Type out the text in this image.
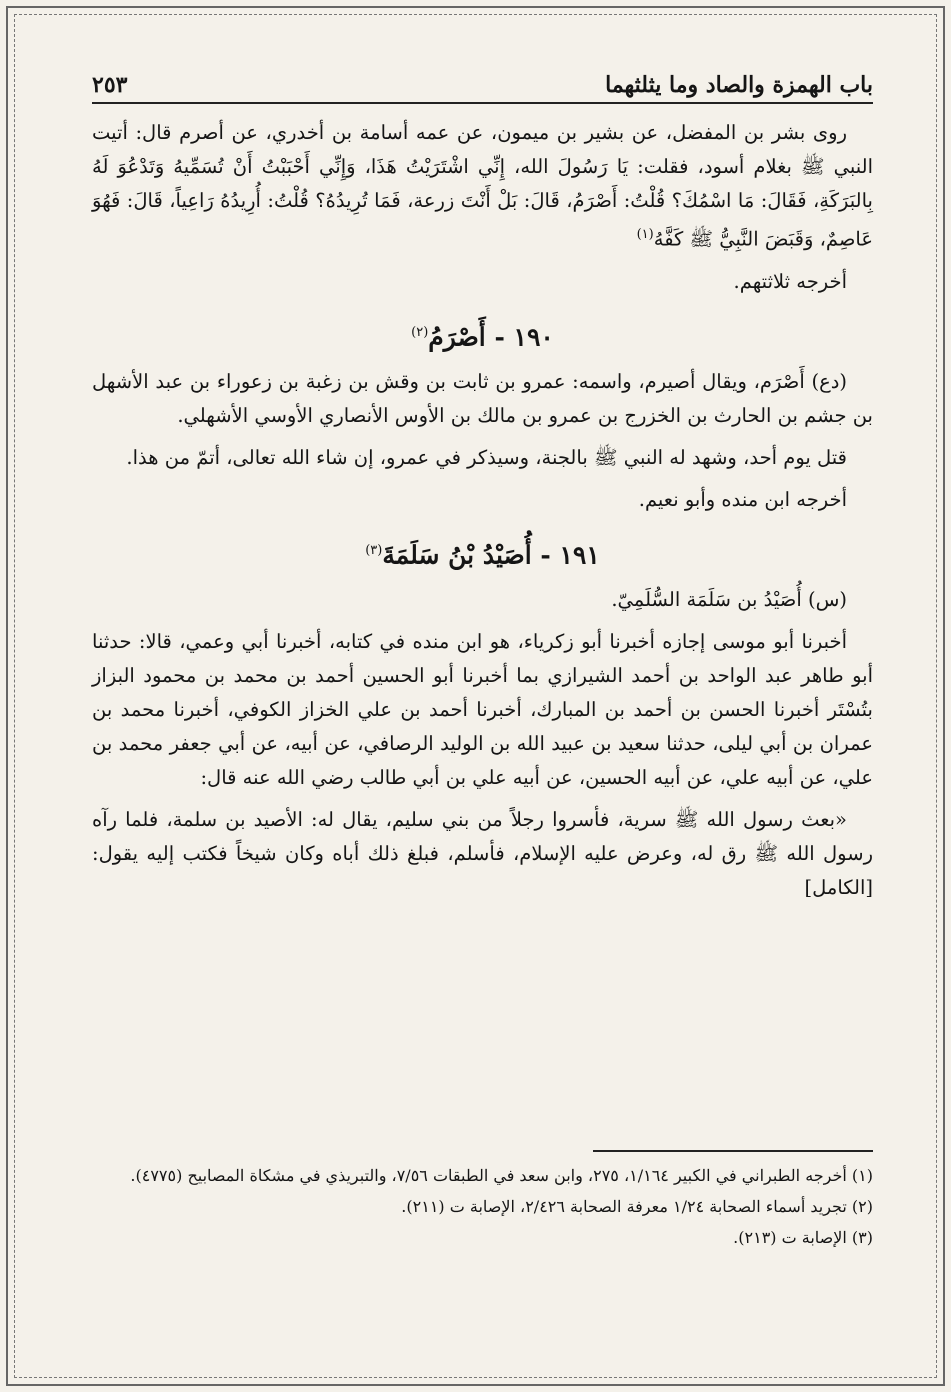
باب الهمزة والصاد وما يثلثهما
٢٥٣

روى بشر بن المفضل، عن بشير بن ميمون، عن عمه أسامة بن أخدري، عن أصرم قال: أتيت النبي ﷺ بغلام أسود، فقلت: يَا رَسُولَ الله، إِنِّي اشْتَرَيْتُ هَذَا، وَإِنِّي أَحْبَبْتُ أَنْ تُسَمِّيهُ وَتَدْعُوَ لَهُ بِالبَرَكَةِ، فَقَالَ: مَا اسْمُكَ؟ قُلْتُ: أَصْرَمُ، قَالَ: بَلْ أَنْتَ زرعة، فَمَا تُرِيدُهُ؟ قُلْتُ: أُرِيدُهُ رَاعِياً، قَالَ: فَهُوَ عَاصِمٌ، وَقَبَضَ النَّبِيُّ ﷺ كَفَّهُ$^{(١)}$

أخرجه ثلاثتهم.

١٩٠ - أَصْرَمُ$^{(٢)}$

(دع) أَصْرَم، ويقال أصيرم، واسمه: عمرو بن ثابت بن وقش بن زغبة بن زعوراء بن عبد الأشهل بن جشم بن الحارث بن الخزرج بن عمرو بن مالك بن الأوس الأنصاري الأوسي الأشهلي.

قتل يوم أحد، وشهد له النبي ﷺ بالجنة، وسيذكر في عمرو، إن شاء الله تعالى، أتمّ من هذا.

أخرجه ابن منده وأبو نعيم.

١٩١ - أُصَيْدُ بْنُ سَلَمَةَ$^{(٣)}$

(س) أُصَيْدُ بن سَلَمَة السُّلَمِيّ.

أخبرنا أبو موسى إجازه أخبرنا أبو زكرياء، هو ابن منده في كتابه، أخبرنا أبي وعمي، قالا: حدثنا أبو طاهر عبد الواحد بن أحمد الشيرازي بما أخبرنا أبو الحسين أحمد بن محمد بن محمود البزاز بتُسْتَر أخبرنا الحسن بن أحمد بن المبارك، أخبرنا أحمد بن علي الخزاز الكوفي، أخبرنا محمد بن عمران بن أبي ليلى، حدثنا سعيد بن عبيد الله بن الوليد الرصافي، عن أبيه، عن أبي جعفر محمد بن علي، عن أبيه علي، عن أبيه الحسين، عن أبيه علي بن أبي طالب رضي الله عنه قال:

«بعث رسول الله ﷺ سرية، فأسروا رجلاً من بني سليم، يقال له: الأصيد بن سلمة، فلما رآه رسول الله ﷺ رق له، وعرض عليه الإسلام، فأسلم، فبلغ ذلك أباه وكان شيخاً فكتب إليه يقول: [الكامل]

(١) أخرجه الطبراني في الكبير ١/١٦٤، ٢٧٥، وابن سعد في الطبقات ٧/٥٦، والتبريذي في مشكاة المصابيح (٤٧٧٥).

(٢) تجريد أسماء الصحابة ١/٢٤ معرفة الصحابة ٢/٤٢٦، الإصابة ت (٢١١).

(٣) الإصابة ت (٢١٣).
